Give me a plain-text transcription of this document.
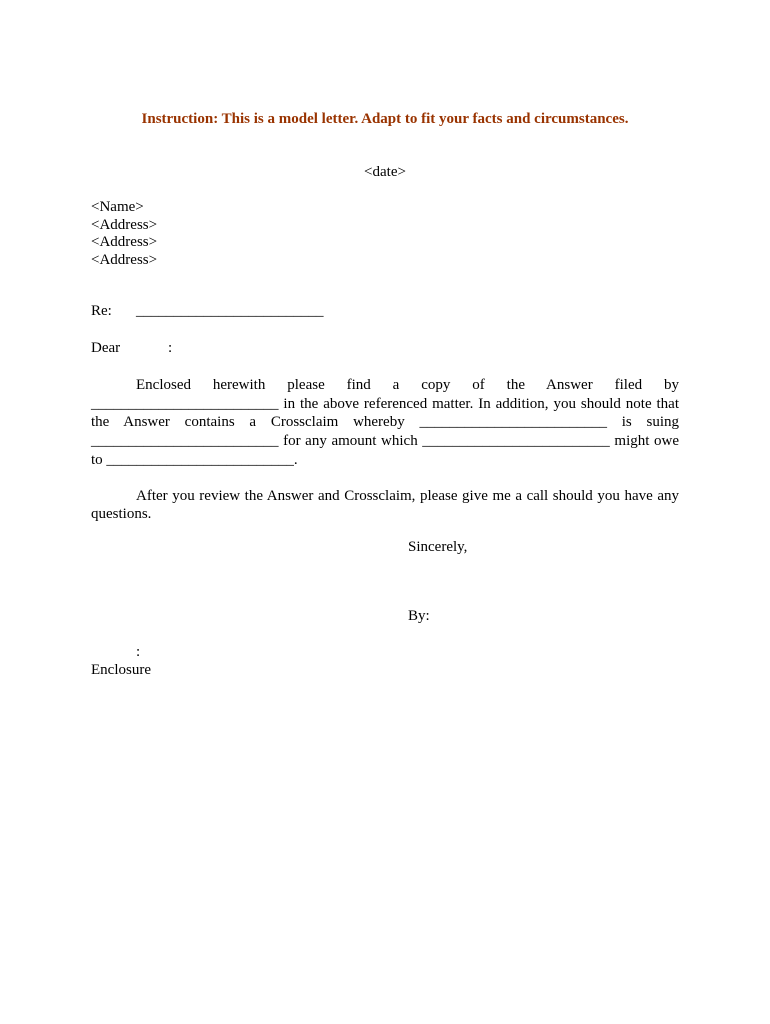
Instruction: This is a model letter. Adapt to fit your facts and circumstances.
<date>
<Name>
<Address>
<Address>
<Address>
Re: _________________________
Dear	:

Enclosed herewith please find a copy of the Answer filed by _________________________ in the above referenced matter. In addition, you should note that the Answer contains a Crossclaim whereby _________________________ is suing _________________________ for any amount which _________________________ might owe to _________________________.

After you review the Answer and Crossclaim, please give me a call should you have any questions.

Sincerely,
By:
:
Enclosure
